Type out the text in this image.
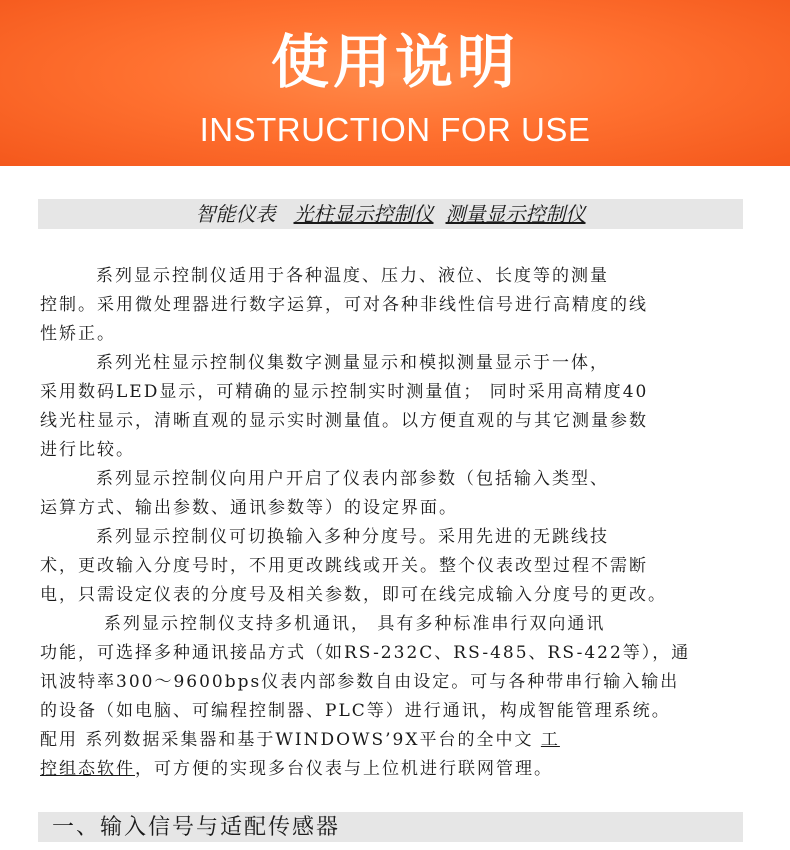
使用说明
INSTRUCTION FOR USE
智能仪表 光柱显示控制仪 测量显示控制仪
系列显示控制仪适用于各种温度、压力、液位、长度等的测量
控制。采用微处理器进行数字运算，可对各种非线性信号进行高精度的线
性矫正。
系列光柱显示控制仪集数字测量显示和模拟测量显示于一体，
采用数码LED显示，可精确的显示控制实时测量值； 同时采用高精度40
线光柱显示，清晰直观的显示实时测量值。以方便直观的与其它测量参数
进行比较。
系列显示控制仪向用户开启了仪表内部参数（包括输入类型、
运算方式、输出参数、通讯参数等）的设定界面。
系列显示控制仪可切换输入多种分度号。采用先进的无跳线技
术，更改输入分度号时，不用更改跳线或开关。整个仪表改型过程不需断
电，只需设定仪表的分度号及相关参数，即可在线完成输入分度号的更改。
系列显示控制仪支持多机通讯， 具有多种标准串行双向通讯
功能，可选择多种通讯接品方式（如RS-232C、RS-485、RS-422等），通
讯波特率300～9600bps仪表内部参数自由设定。可与各种带串行输入输出
的设备（如电脑、可编程控制器、PLC等）进行通讯，构成智能管理系统。
配用 系列数据采集器和基于WINDOWS’9X平台的全中文 工
控组态软件，可方便的实现多台仪表与上位机进行联网管理。
一、输入信号与适配传感器
